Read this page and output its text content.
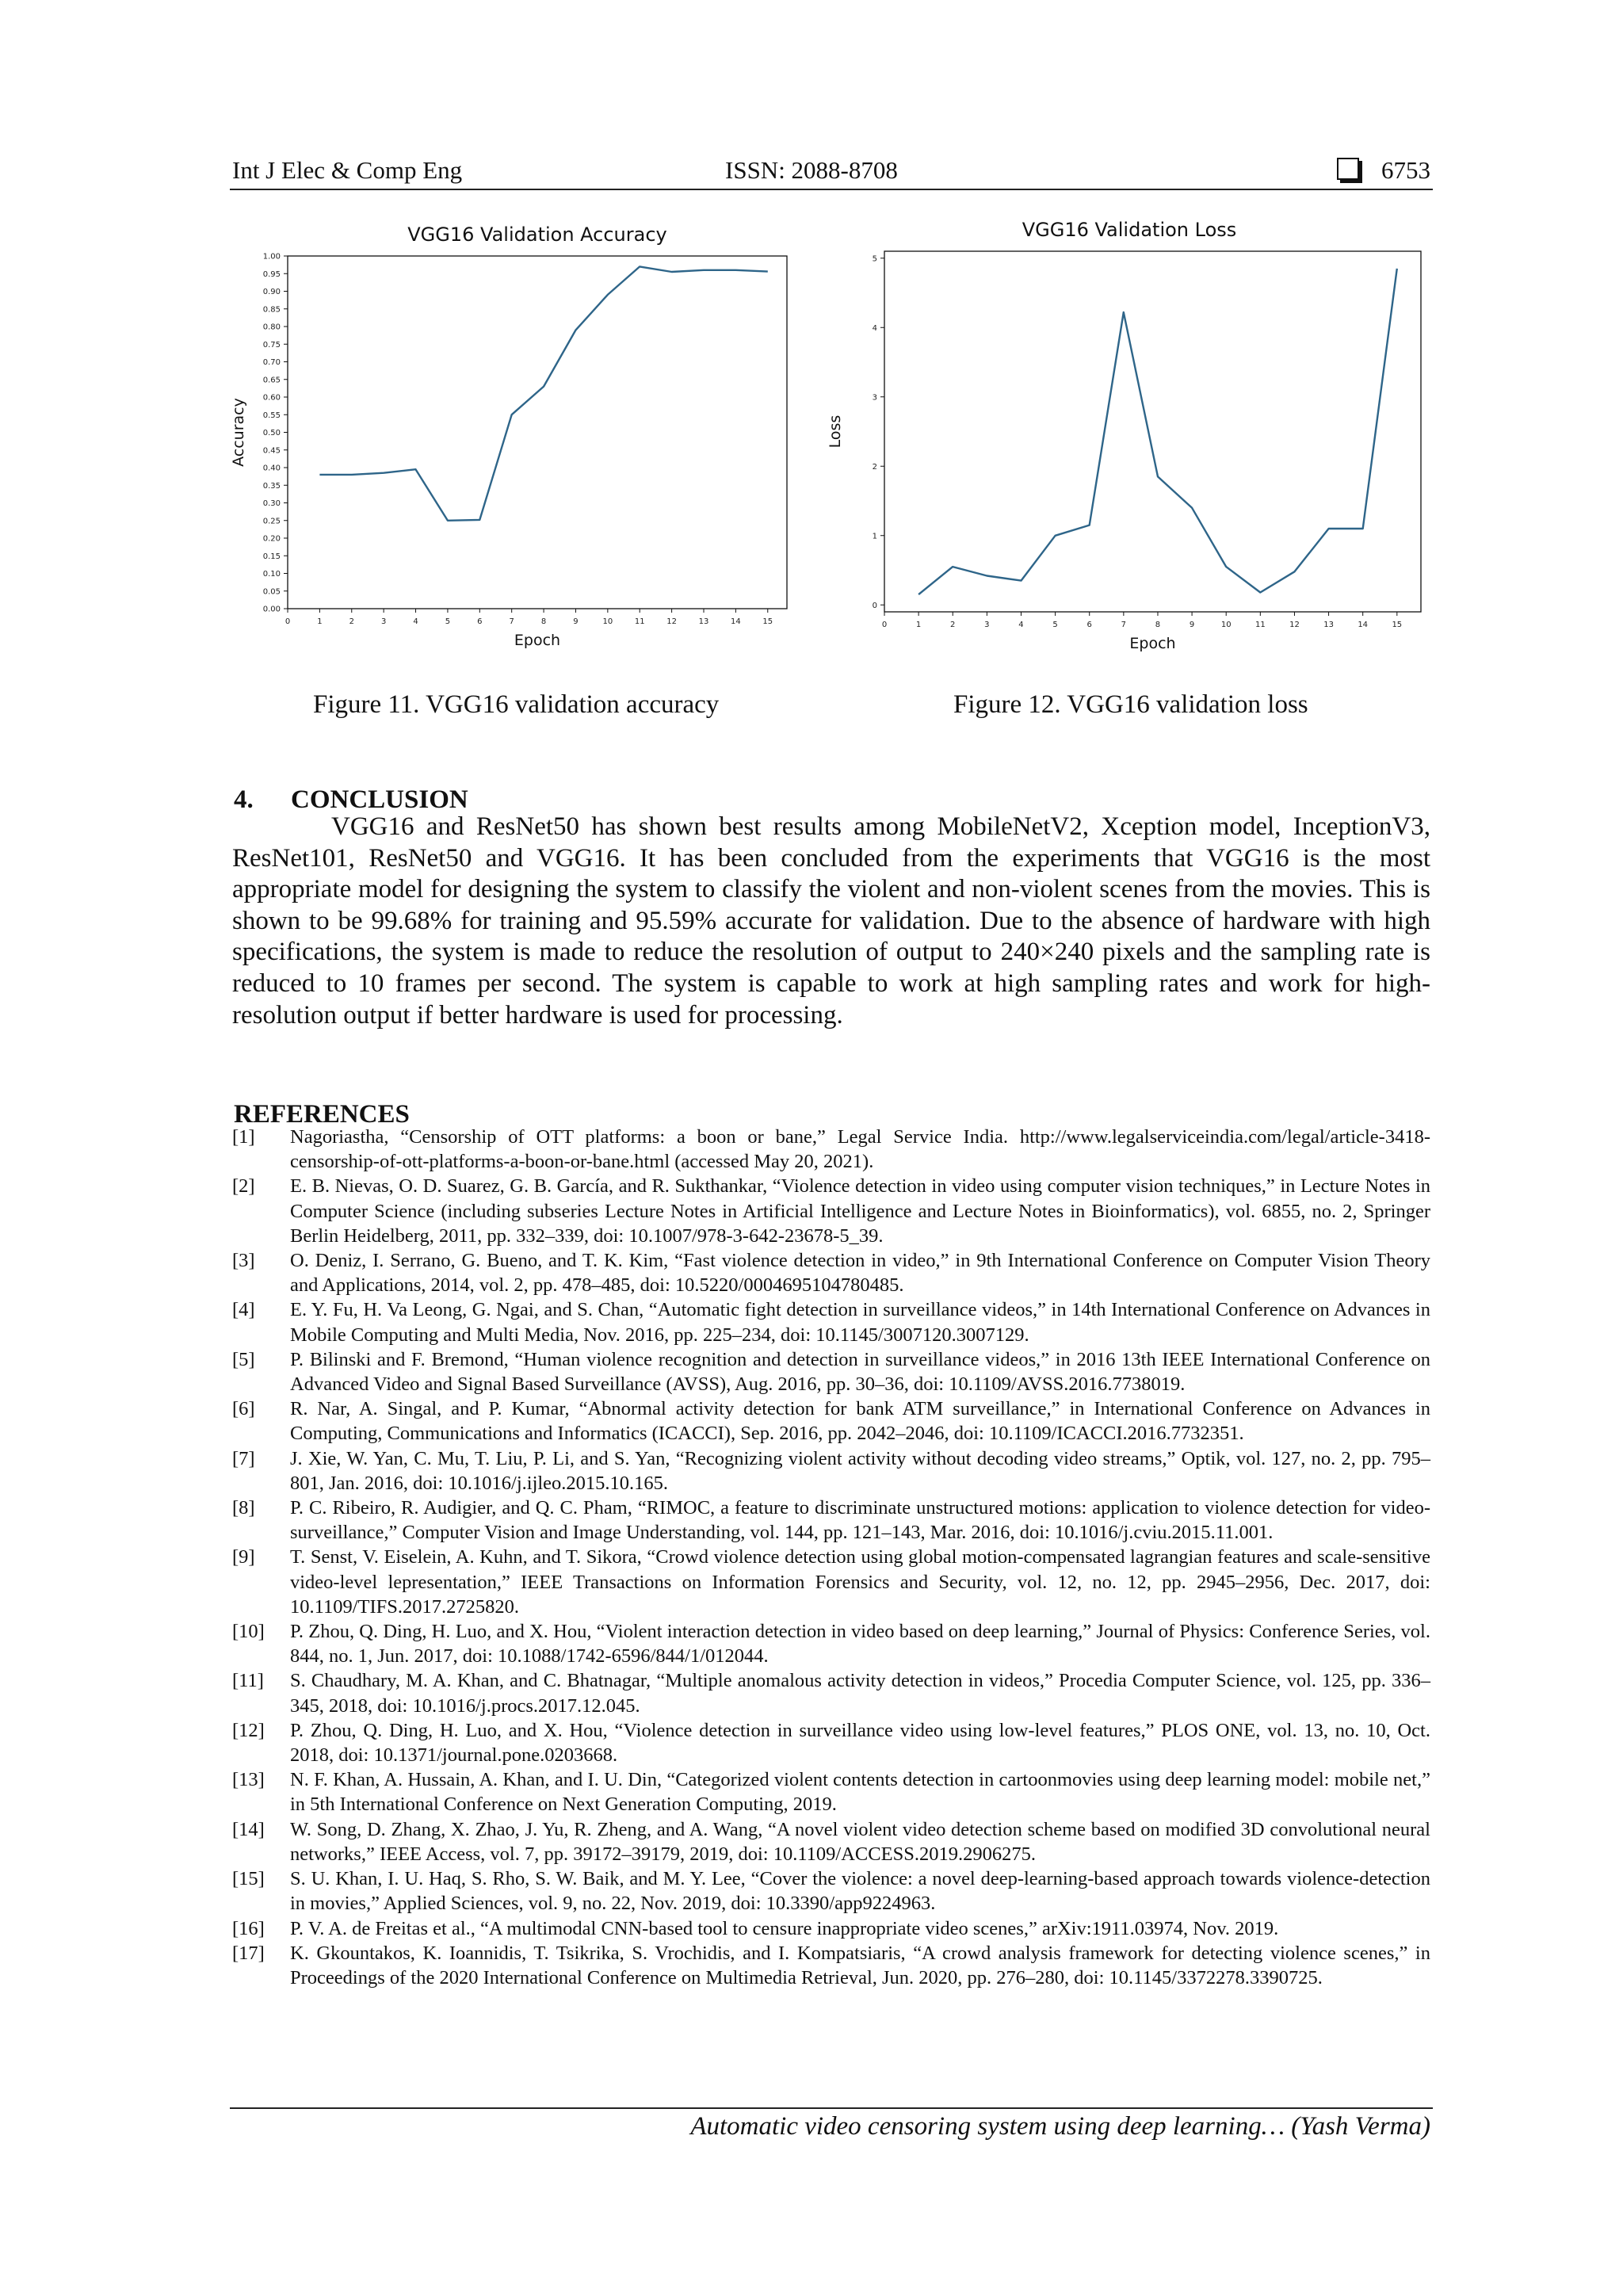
Int J Elec & Comp Eng	ISSN: 2088-8708	6753
VGG16 Validation Accuracy
0.00
0.05
0.10
0.15
0.20
0.25
0.30
0.35
0.40
0.45
0.50
0.55
0.60
0.65
0.70
0.75
0.80
0.85
0.90
0.95
1.00
0	1	2	3	4	5	6	7	8	9	10	11	12	13	14	15
Epoch
Accuracy
VGG16 Validation Loss
0
1
2
3
4
5
0	1	2	3	4	5	6	7	8	9	10	11	12	13	14	15
Epoch
Loss
Figure 11. VGG16 validation accuracy	Figure 12. VGG16 validation loss
4. CONCLUSION
VGG16 and ResNet50 has shown best results among MobileNetV2, Xception model, InceptionV3, ResNet101, ResNet50 and VGG16. It has been concluded from the experiments that VGG16 is the most appropriate model for designing the system to classify the violent and non-violent scenes from the movies. This is shown to be 99.68% for training and 95.59% accurate for validation. Due to the absence of hardware with high specifications, the system is made to reduce the resolution of output to 240×240 pixels and the sampling rate is reduced to 10 frames per second. The system is capable to work at high sampling rates and work for high-resolution output if better hardware is used for processing.
REFERENCES
[1]	Nagoriastha, “Censorship of OTT platforms: a boon or bane,” Legal Service India. http://www.legalserviceindia.com/legal/article-3418-censorship-of-ott-platforms-a-boon-or-bane.html (accessed May 20, 2021).
[2]	E. B. Nievas, O. D. Suarez, G. B. García, and R. Sukthankar, “Violence detection in video using computer vision techniques,” in Lecture Notes in Computer Science (including subseries Lecture Notes in Artificial Intelligence and Lecture Notes in Bioinformatics), vol. 6855, no. 2, Springer Berlin Heidelberg, 2011, pp. 332–339, doi: 10.1007/978-3-642-23678-5_39.
[3]	O. Deniz, I. Serrano, G. Bueno, and T. K. Kim, “Fast violence detection in video,” in 9th International Conference on Computer Vision Theory and Applications, 2014, vol. 2, pp. 478–485, doi: 10.5220/0004695104780485.
[4]	E. Y. Fu, H. Va Leong, G. Ngai, and S. Chan, “Automatic fight detection in surveillance videos,” in 14th International Conference on Advances in Mobile Computing and Multi Media, Nov. 2016, pp. 225–234, doi: 10.1145/3007120.3007129.
[5]	P. Bilinski and F. Bremond, “Human violence recognition and detection in surveillance videos,” in 2016 13th IEEE International Conference on Advanced Video and Signal Based Surveillance (AVSS), Aug. 2016, pp. 30–36, doi: 10.1109/AVSS.2016.7738019.
[6]	R. Nar, A. Singal, and P. Kumar, “Abnormal activity detection for bank ATM surveillance,” in International Conference on Advances in Computing, Communications and Informatics (ICACCI), Sep. 2016, pp. 2042–2046, doi: 10.1109/ICACCI.2016.7732351.
[7]	J. Xie, W. Yan, C. Mu, T. Liu, P. Li, and S. Yan, “Recognizing violent activity without decoding video streams,” Optik, vol. 127, no. 2, pp. 795–801, Jan. 2016, doi: 10.1016/j.ijleo.2015.10.165.
[8]	P. C. Ribeiro, R. Audigier, and Q. C. Pham, “RIMOC, a feature to discriminate unstructured motions: application to violence detection for video-surveillance,” Computer Vision and Image Understanding, vol. 144, pp. 121–143, Mar. 2016, doi: 10.1016/j.cviu.2015.11.001.
[9]	T. Senst, V. Eiselein, A. Kuhn, and T. Sikora, “Crowd violence detection using global motion-compensated lagrangian features and scale-sensitive video-level lepresentation,” IEEE Transactions on Information Forensics and Security, vol. 12, no. 12, pp. 2945–2956, Dec. 2017, doi: 10.1109/TIFS.2017.2725820.
[10]	P. Zhou, Q. Ding, H. Luo, and X. Hou, “Violent interaction detection in video based on deep learning,” Journal of Physics: Conference Series, vol. 844, no. 1, Jun. 2017, doi: 10.1088/1742-6596/844/1/012044.
[11]	S. Chaudhary, M. A. Khan, and C. Bhatnagar, “Multiple anomalous activity detection in videos,” Procedia Computer Science, vol. 125, pp. 336–345, 2018, doi: 10.1016/j.procs.2017.12.045.
[12]	P. Zhou, Q. Ding, H. Luo, and X. Hou, “Violence detection in surveillance video using low-level features,” PLOS ONE, vol. 13, no. 10, Oct. 2018, doi: 10.1371/journal.pone.0203668.
[13]	N. F. Khan, A. Hussain, A. Khan, and I. U. Din, “Categorized violent contents detection in cartoonmovies using deep learning model: mobile net,” in 5th International Conference on Next Generation Computing, 2019.
[14]	W. Song, D. Zhang, X. Zhao, J. Yu, R. Zheng, and A. Wang, “A novel violent video detection scheme based on modified 3D convolutional neural networks,” IEEE Access, vol. 7, pp. 39172–39179, 2019, doi: 10.1109/ACCESS.2019.2906275.
[15]	S. U. Khan, I. U. Haq, S. Rho, S. W. Baik, and M. Y. Lee, “Cover the violence: a novel deep-learning-based approach towards violence-detection in movies,” Applied Sciences, vol. 9, no. 22, Nov. 2019, doi: 10.3390/app9224963.
[16]	P. V. A. de Freitas et al., “A multimodal CNN-based tool to censure inappropriate video scenes,” arXiv:1911.03974, Nov. 2019.
[17]	K. Gkountakos, K. Ioannidis, T. Tsikrika, S. Vrochidis, and I. Kompatsiaris, “A crowd analysis framework for detecting violence scenes,” in Proceedings of the 2020 International Conference on Multimedia Retrieval, Jun. 2020, pp. 276–280, doi: 10.1145/3372278.3390725.
Automatic video censoring system using deep learning… (Yash Verma)
